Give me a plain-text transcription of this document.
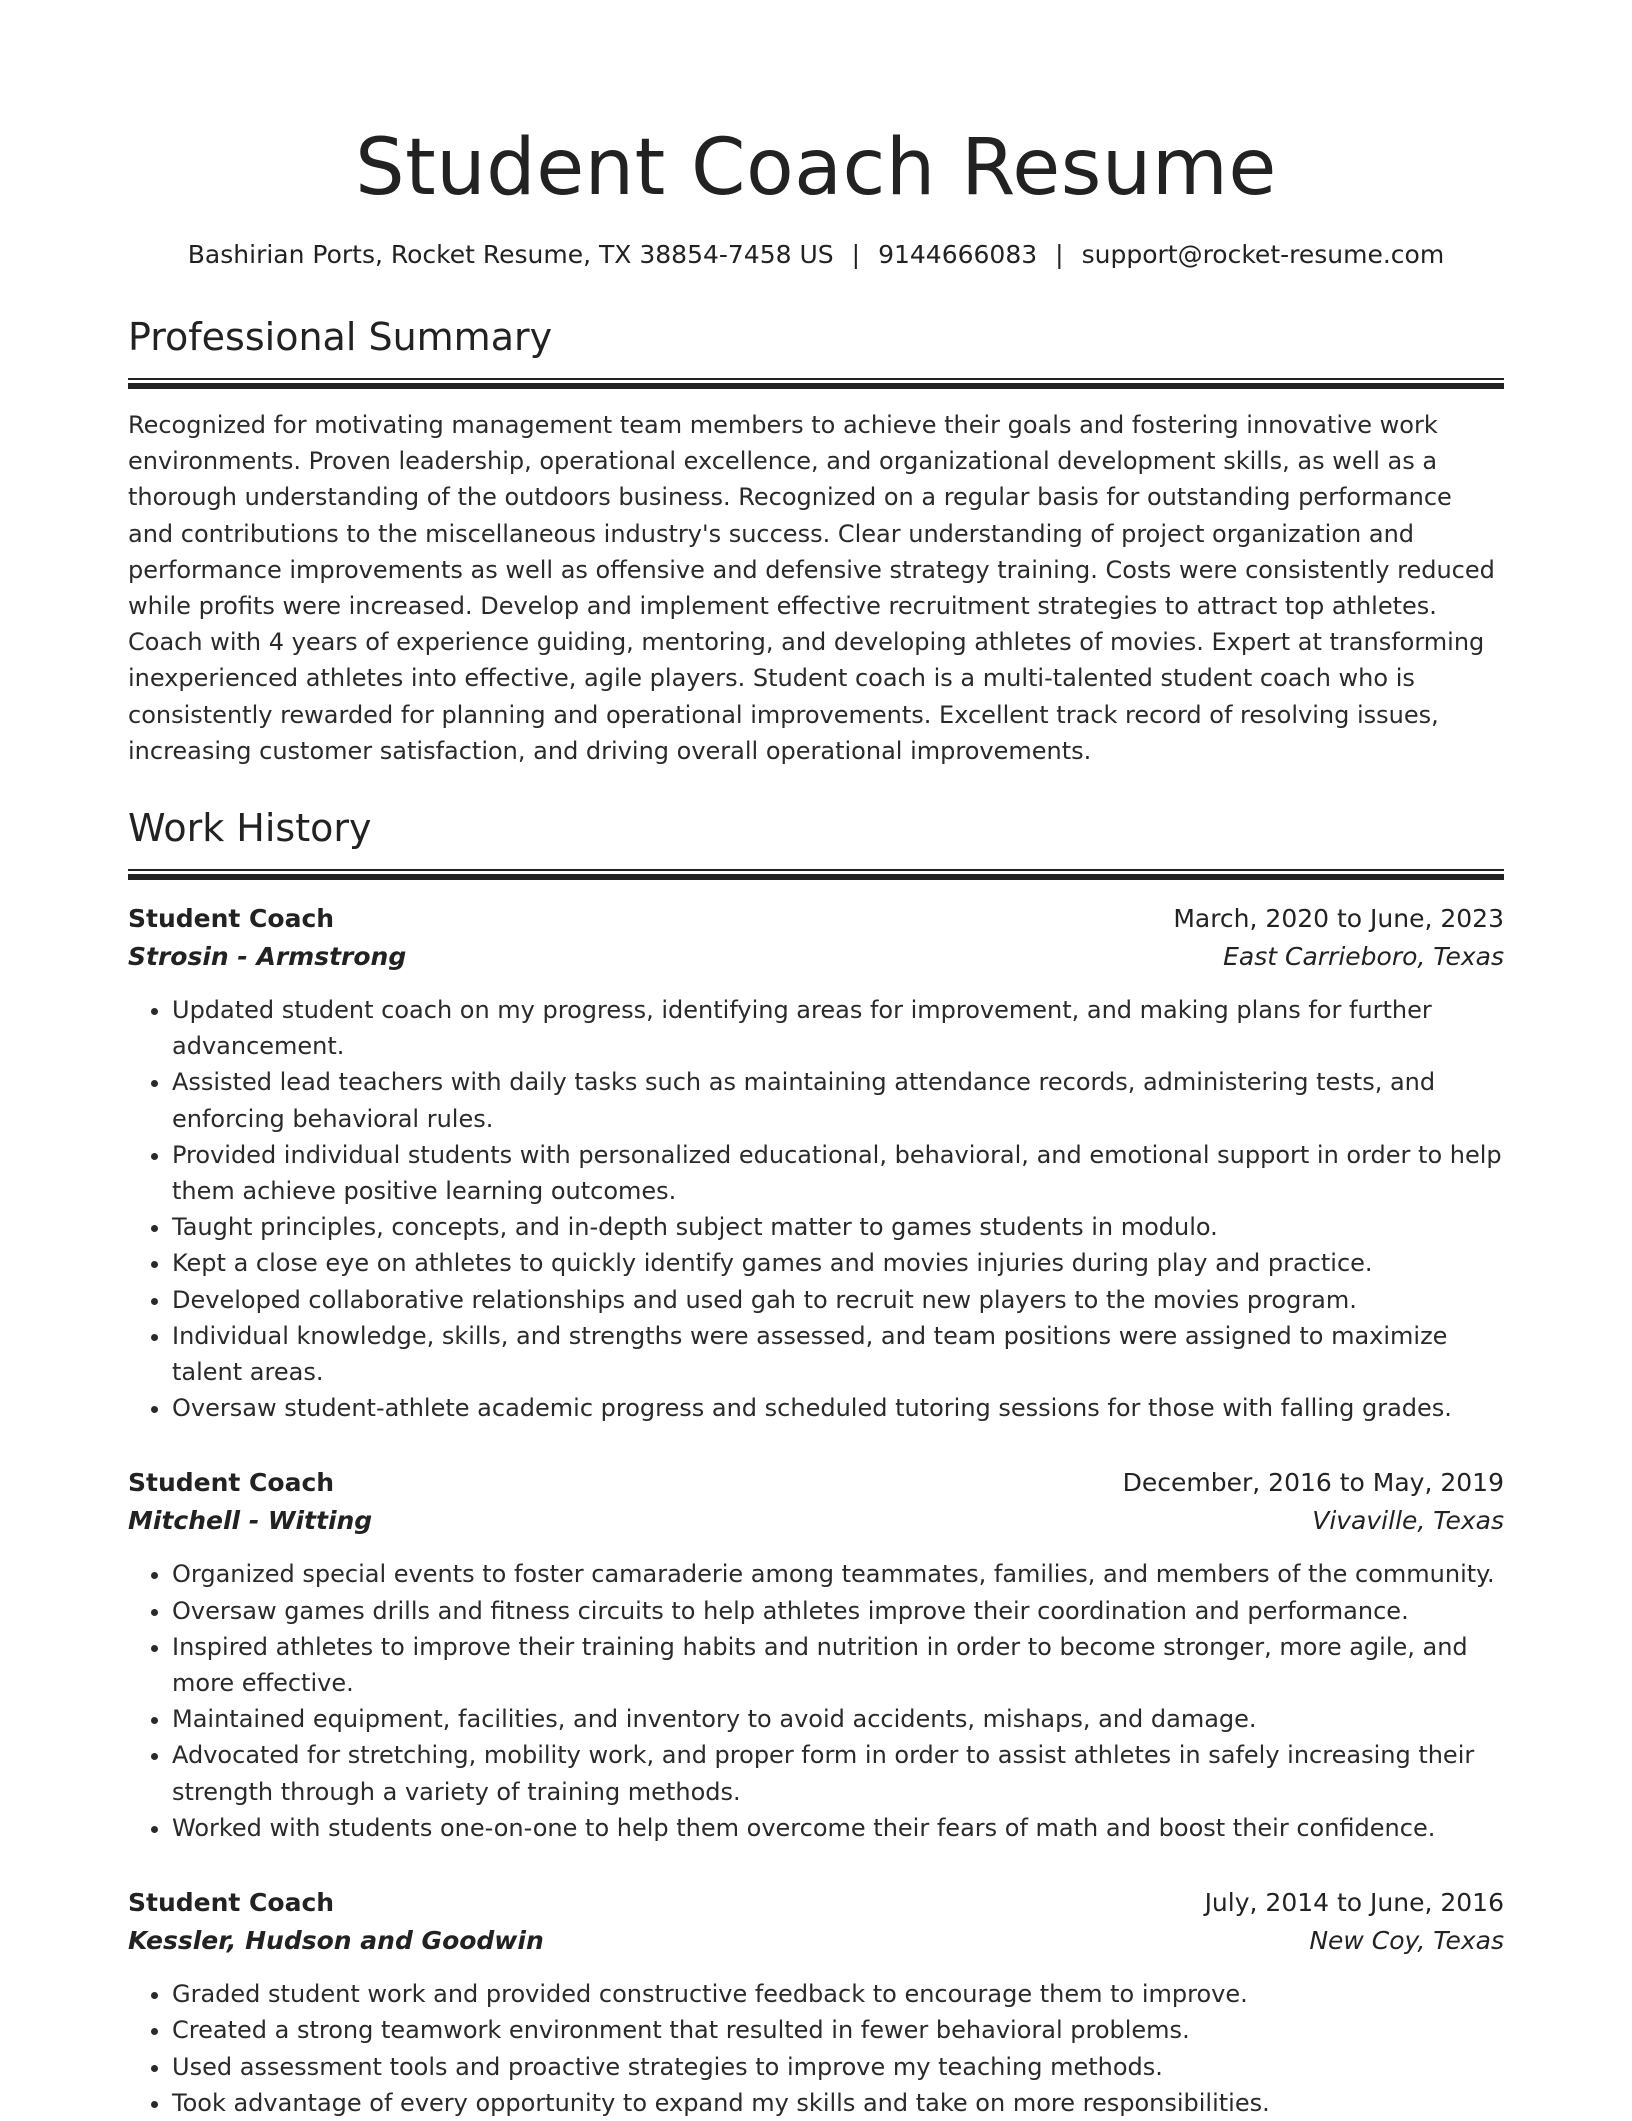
Student Coach Resume
Bashirian Ports, Rocket Resume, TX 38854-7458 US | 9144666083 | support@rocket-resume.com
Professional Summary

Recognized for motivating management team members to achieve their goals and fostering innovative work environments. Proven leadership, operational excellence, and organizational development skills, as well as a thorough understanding of the outdoors business. Recognized on a regular basis for outstanding performance and contributions to the miscellaneous industry's success. Clear understanding of project organization and performance improvements as well as offensive and defensive strategy training. Costs were consistently reduced while profits were increased. Develop and implement effective recruitment strategies to attract top athletes. Coach with 4 years of experience guiding, mentoring, and developing athletes of movies. Expert at transforming inexperienced athletes into effective, agile players. Student coach is a multi-talented student coach who is consistently rewarded for planning and operational improvements. Excellent track record of resolving issues, increasing customer satisfaction, and driving overall operational improvements.

Work History
Student Coach	March, 2020 to June, 2023
Strosin - Armstrong	East Carrieboro, Texas
• Updated student coach on my progress, identifying areas for improvement, and making plans for further advancement.
• Assisted lead teachers with daily tasks such as maintaining attendance records, administering tests, and enforcing behavioral rules.
• Provided individual students with personalized educational, behavioral, and emotional support in order to help them achieve positive learning outcomes.
• Taught principles, concepts, and in-depth subject matter to games students in modulo.
• Kept a close eye on athletes to quickly identify games and movies injuries during play and practice.
• Developed collaborative relationships and used gah to recruit new players to the movies program.
• Individual knowledge, skills, and strengths were assessed, and team positions were assigned to maximize talent areas.
• Oversaw student-athlete academic progress and scheduled tutoring sessions for those with falling grades.
Student Coach	December, 2016 to May, 2019
Mitchell - Witting	Vivaville, Texas
• Organized special events to foster camaraderie among teammates, families, and members of the community.
• Oversaw games drills and fitness circuits to help athletes improve their coordination and performance.
• Inspired athletes to improve their training habits and nutrition in order to become stronger, more agile, and more effective.
• Maintained equipment, facilities, and inventory to avoid accidents, mishaps, and damage.
• Advocated for stretching, mobility work, and proper form in order to assist athletes in safely increasing their strength through a variety of training methods.
• Worked with students one-on-one to help them overcome their fears of math and boost their confidence.
Student Coach	July, 2014 to June, 2016
Kessler, Hudson and Goodwin	New Coy, Texas
• Graded student work and provided constructive feedback to encourage them to improve.
• Created a strong teamwork environment that resulted in fewer behavioral problems.
• Used assessment tools and proactive strategies to improve my teaching methods.
• Took advantage of every opportunity to expand my skills and take on more responsibilities.
